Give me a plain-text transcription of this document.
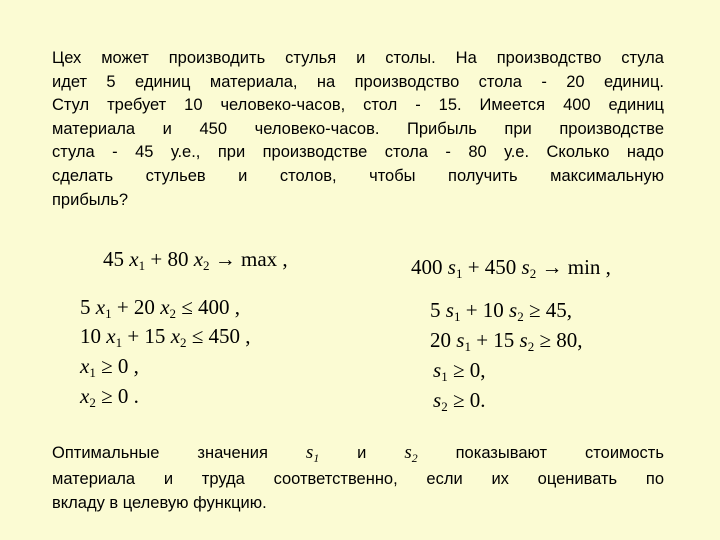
Цех может производить стулья и столы. На производство стула
идет 5 единиц материала, на производство стола - 20 единиц.
Стул требует 10 человеко-часов, стол - 15. Имеется 400 единиц
материала и 450 человеко-часов. Прибыль при производстве
стула - 45 у.е., при производстве стола - 80 у.е. Сколько надо
сделать стульев и столов, чтобы получить максимальную
прибыль?
45 $x_1 + 80$ $x_2 \to \max$ ,
5 $x_1 + 20$ $x_2 \le 400$ ,
10 $x_1 + 15$ $x_2 \le 450$ ,
$x_1 \ge 0$ ,
$x_2 \ge 0$ .
400 $s_1 + 450$ $s_2 \to \min$ ,
5 $s_1 + 10$ $s_2 \ge 45$,
20 $s_1 + 15$ $s_2 \ge 80$,
$s_1 \ge 0$,
$s_2 \ge 0$.
Оптимальные значения $s_1$ и $s_2$ показывают стоимость
материала и труда соответственно, если их оценивать по
вкладу в целевую функцию.
